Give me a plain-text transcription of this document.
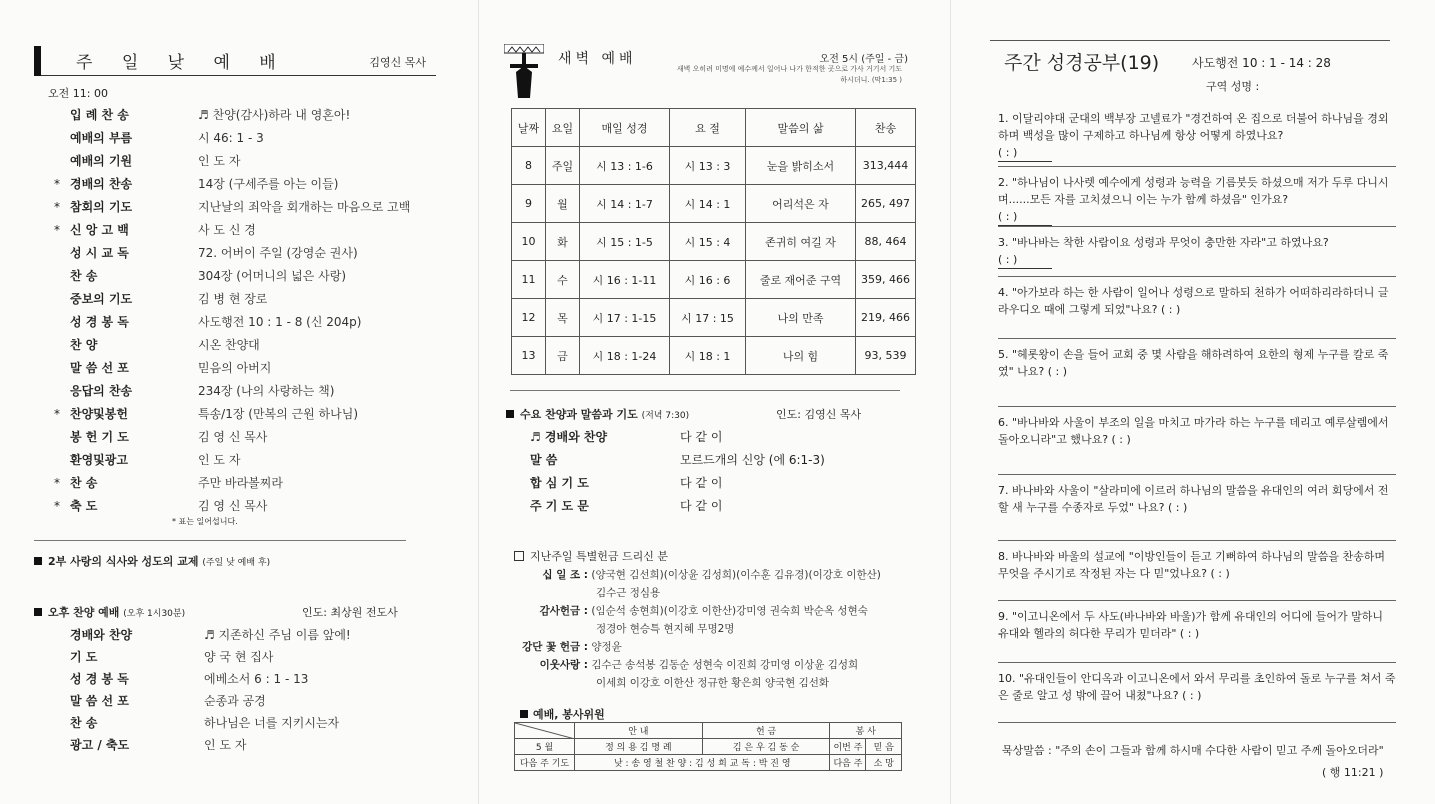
주 일 낮 예 배	김영신 목사
오전 11: 00
입 례 찬 송	♬ 찬양(감사)하라 내 영혼아!
예배의 부름	시 46: 1 - 3
예배의 기원	인 도 자
* 경배의 찬송	14장 (구세주를 아는 이들)
* 참회의 기도	지난날의 죄악을 회개하는 마음으로 고백
* 신 앙 고 백	사 도 신 경
성 시 교 독	72. 어버이 주일 (강영순 권사)
찬 송	304장 (어머니의 넓은 사랑)
중보의 기도	김 병 현 장로
성 경 봉 독	사도행전 10 : 1 - 8 (신 204p)
찬 양	시온 찬양대
말 씀 선 포	믿음의 아버지
응답의 찬송	234장 (나의 사랑하는 책)
* 찬양및봉헌	특송/1장 (만복의 근원 하나님)
봉 헌 기 도	김 영 신 목사
환영및광고	인 도 자
* 찬 송	주만 바라볼찌라
* 축 도	김 영 신 목사
* 표는 일어섭니다.
2부 사랑의 식사와 성도의 교제 (주일 낮 예배 후)
오후 찬양 예배 (오후 1시30분)	인도: 최상원 전도사
경배와 찬양	♬ 지존하신 주님 이름 앞에!
기 도	양 국 현 집사
성 경 봉 독	에베소서 6 : 1 - 13
말 씀 선 포	순종과 공경
찬 송	하나님은 너를 지키시는자
광고 / 축도	인 도 자
새벽 예배	오전 5시 (주일 - 금)
새벽 오히려 미명에 예수께서 일어나 나가 한적한 곳으로 가사 거기서 기도 하시더니. (막1:35 )
날짜	요일	매일 성경	요 절	말씀의 삶	찬송
8	주일	시 13 : 1-6	시 13 : 3	눈을 밝히소서	313,444
9	월	시 14 : 1-7	시 14 : 1	어리석은 자	265, 497
10	화	시 15 : 1-5	시 15 : 4	존귀히 여길 자	88, 464
11	수	시 16 : 1-11	시 16 : 6	줄로 재어준 구역	359, 466
12	목	시 17 : 1-15	시 17 : 15	나의 만족	219, 466
13	금	시 18 : 1-24	시 18 : 1	나의 힘	93, 539
수요 찬양과 말씀과 기도 (저녁 7:30)	인도: 김영신 목사
♬ 경배와 찬양	다 같 이
말 씀	모르드개의 신앙 (에 6:1-3)
합 심 기 도	다 같 이
주 기 도 문	다 같 이
지난주일 특별헌금 드리신 분
십 일 조 : (양국현 김선희)(이상윤 김성희)(이수훈 김유경)(이강호 이한산)
김수근 정심용
감사헌금 : (임순석 송현희)(이강호 이한산)강미영 권숙희 박순옥 성현숙
정경아 현승특 현지혜 무명2명
강단 꽃 헌금 : 양정윤
이웃사랑 : 김수근 송석봉 김동순 성현숙 이진희 강미영 이상윤 김성희
이세희 이강호 이한산 정규한 황은희 양국현 김선화
예배, 봉사위원
	안 내	헌 금	봉 사	
5 월	정 의 용 김 명 례	김 은 우 김 동 순	이번 주	믿 음
다음 주 기도	낮 : 송 영 철 찬 양 : 김 성 희 교 독 : 박 진 영		다음 주	소 망
주간 성경공부(19)	사도행전 10 : 1 - 14 : 28
구역 성명 :
1. 이달리야대 군대의 백부장 고넬료가 "경건하여 온 집으로 더불어 하나님을 경외하며 백성을 많이 구제하고 하나님께 항상 어떻게 하였나요?
( : )
2. "하나님이 나사렛 예수에게 성령과 능력을 기름붓듯 하셨으매 저가 두루 다니시며......모든 자를 고치셨으니 이는 누가 함께 하셨음" 인가요?
( : )
3. "바나바는 착한 사람이요 성령과 무엇이 충만한 자라"고 하였나요?
( : )
4. "아가보라 하는 한 사람이 일어나 성령으로 말하되 천하가 어떠하리라하더니 글라우디오 때에 그렇게 되었"나요? ( : )
5. "헤롯왕이 손을 들어 교회 중 몇 사람을 해하려하여 요한의 형제 누구를 칼로 죽였" 나요? ( : )
6. "바나바와 사울이 부조의 일을 마치고 마가라 하는 누구를 데리고 예루살렘에서 돌아오니라"고 했나요? ( : )
7. 바나바와 사울이 "살라미에 이르러 하나님의 말씀을 유대인의 여러 회당에서 전할 새 누구를 수종자로 두었" 나요? ( : )
8. 바나바와 바울의 설교에 "이방인들이 듣고 기뻐하여 하나님의 말씀을 찬송하며 무엇을 주시기로 작정된 자는 다 믿"었나요? ( : )
9. "이고니온에서 두 사도(바나바와 바울)가 함께 유대인의 어디에 들어가 말하니 유대와 헬라의 허다한 무리가 믿더라" ( : )
10. "유대인들이 안디옥과 이고니온에서 와서 무리를 초인하여 돌로 누구를 쳐서 죽은 줄로 알고 성 밖에 끌어 내쳤"나요? ( : )
묵상말씀 : "주의 손이 그들과 함께 하시매 수다한 사람이 믿고 주께 돌아오더라"
( 행 11:21 )
